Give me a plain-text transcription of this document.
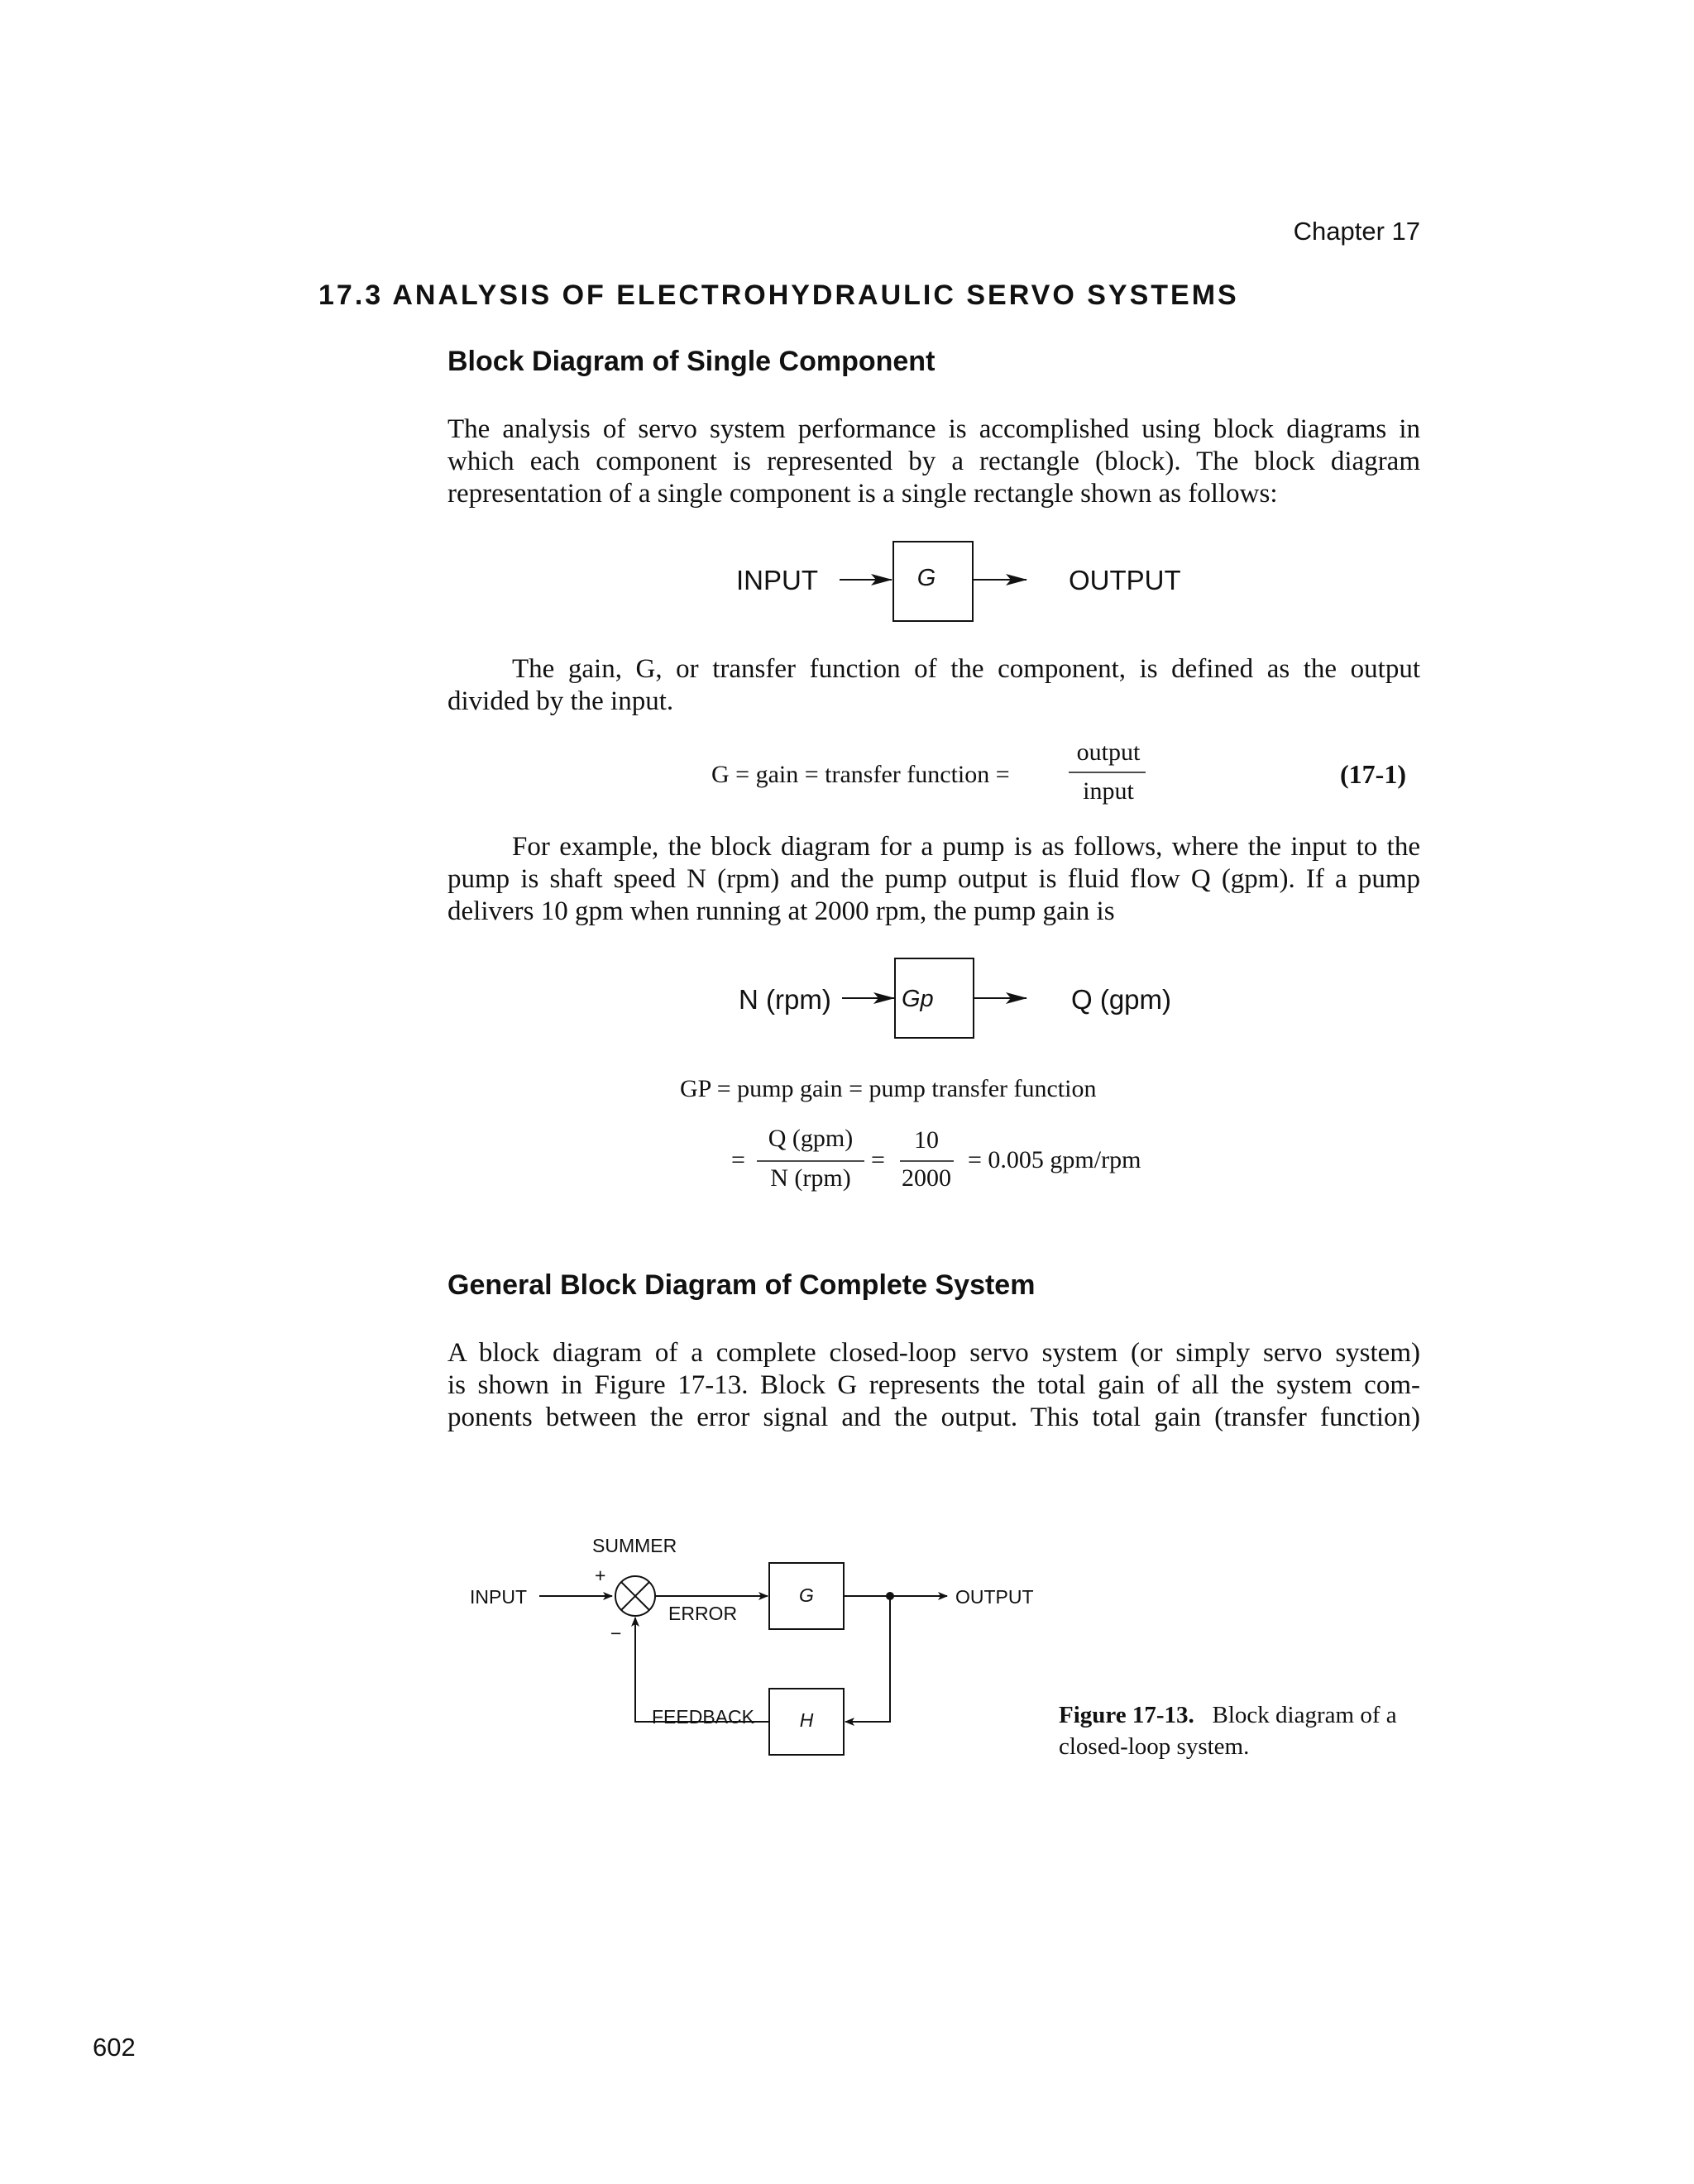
Chapter 17
17.3 ANALYSIS OF ELECTROHYDRAULIC SERVO SYSTEMS
Block Diagram of Single Component
The analysis of servo system performance is accomplished using block diagrams in
which each component is represented by a rectangle (block). The block diagram
representation of a single component is a single rectangle shown as follows:
INPUT	G	OUTPUT
The gain, G, or transfer function of the component, is defined as the output
divided by the input.
G = gain = transfer function =
output
input
(17-1)
For example, the block diagram for a pump is as follows, where the input to the
pump is shaft speed N (rpm) and the pump output is fluid flow Q (gpm). If a pump
delivers 10 gpm when running at 2000 rpm, the pump gain is
N (rpm)	Gp	Q (gpm)
GP = pump gain = pump transfer function
=
Q (gpm)
N (rpm)
=
10
2000
= 0.005 gpm/rpm
General Block Diagram of Complete System
A block diagram of a complete closed-loop servo system (or simply servo system)
is shown in Figure 17-13. Block G represents the total gain of all the system com-
ponents between the error signal and the output. This total gain (transfer function)
SUMMER
+
INPUT
−
ERROR
G	OUTPUT
FEEDBACK	H	Figure 17-13. Block diagram of a closed-loop system.
602
